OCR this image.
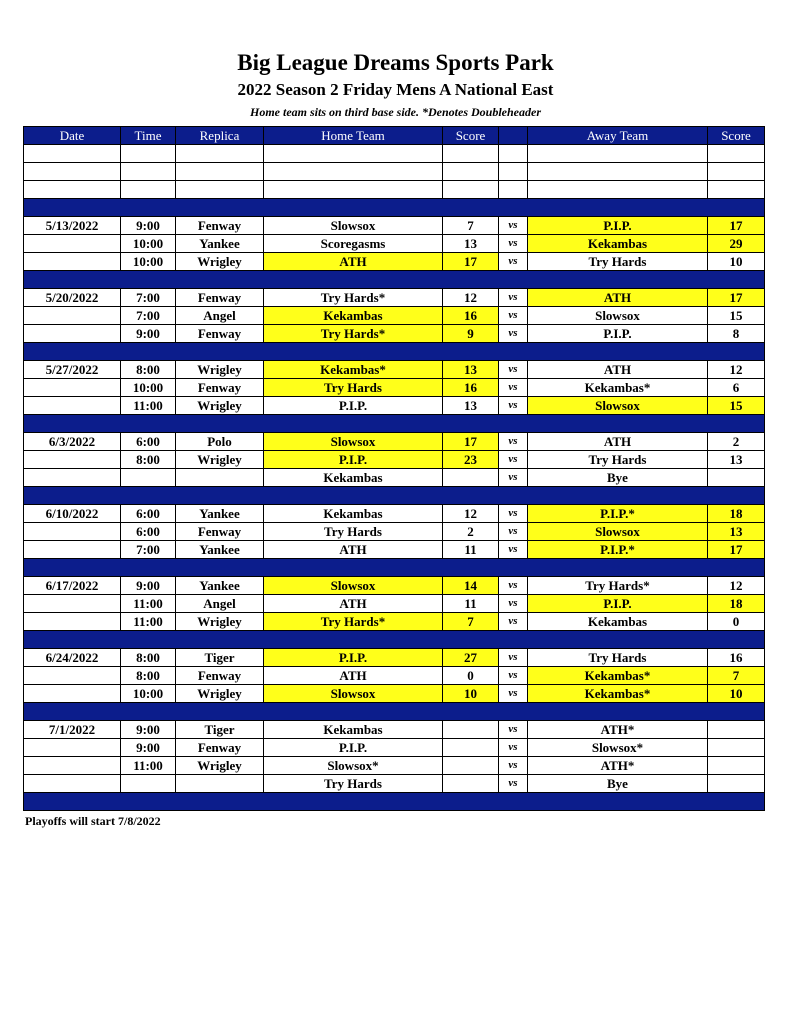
Big League Dreams Sports Park
2022 Season 2 Friday Mens A National East
Home team sits on third base side. *Denotes Doubleheader
Date	Time	Replica	Home Team	Score		Away Team	Score

5/13/2022	9:00	Fenway	Slowsox	7	vs	P.I.P.	17
	10:00	Yankee	Scoregasms	13	vs	Kekambas	29
	10:00	Wrigley	ATH	17	vs	Try Hards	10

5/20/2022	7:00	Fenway	Try Hards*	12	vs	ATH	17
	7:00	Angel	Kekambas	16	vs	Slowsox	15
	9:00	Fenway	Try Hards*	9	vs	P.I.P.	8

5/27/2022	8:00	Wrigley	Kekambas*	13	vs	ATH	12
	10:00	Fenway	Try Hards	16	vs	Kekambas*	6
	11:00	Wrigley	P.I.P.	13	vs	Slowsox	15

6/3/2022	6:00	Polo	Slowsox	17	vs	ATH	2
	8:00	Wrigley	P.I.P.	23	vs	Try Hards	13
			Kekambas		vs	Bye	

6/10/2022	6:00	Yankee	Kekambas	12	vs	P.I.P.*	18
	6:00	Fenway	Try Hards	2	vs	Slowsox	13
	7:00	Yankee	ATH	11	vs	P.I.P.*	17

6/17/2022	9:00	Yankee	Slowsox	14	vs	Try Hards*	12
	11:00	Angel	ATH	11	vs	P.I.P.	18
	11:00	Wrigley	Try Hards*	7	vs	Kekambas	0

6/24/2022	8:00	Tiger	P.I.P.	27	vs	Try Hards	16
	8:00	Fenway	ATH	0	vs	Kekambas*	7
	10:00	Wrigley	Slowsox	10	vs	Kekambas*	10

7/1/2022	9:00	Tiger	Kekambas		vs	ATH*	
	9:00	Fenway	P.I.P.		vs	Slowsox*	
	11:00	Wrigley	Slowsox*		vs	ATH*	
			Try Hards		vs	Bye	

Playoffs will start 7/8/2022
